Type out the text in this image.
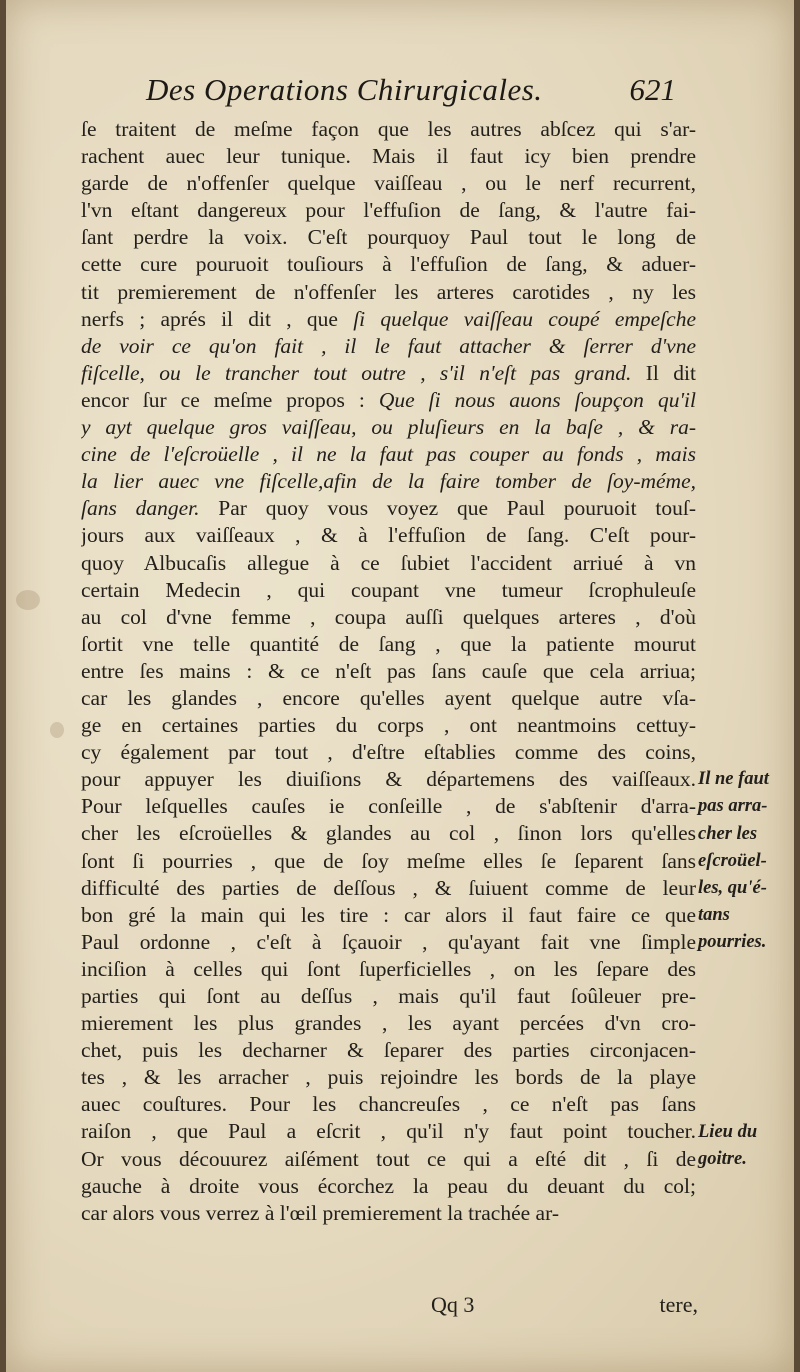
Des Operations Chirurgicales.	621
ſe traitent de meſme façon que les autres abſcez qui s'ar-
rachent auec leur tunique. Mais il faut icy bien prendre
garde de n'offenſer quelque vaiſſeau , ou le nerf recurrent,
l'vn eſtant dangereux pour l'effuſion de ſang, & l'autre fai-
ſant perdre la voix. C'eſt pourquoy Paul tout le long de
cette cure pouruoit touſiours à l'effuſion de ſang, & aduer-
tit premierement de n'offenſer les arteres carotides , ny les
nerfs ; aprés il dit , que ſi quelque vaiſſeau coupé empeſche
de voir ce qu'on fait , il le faut attacher & ſerrer d'vne
fiſcelle, ou le trancher tout outre , s'il n'eſt pas grand. Il dit
encor ſur ce meſme propos : Que ſi nous auons ſoupçon qu'il
y ayt quelque gros vaiſſeau, ou pluſieurs en la baſe , & ra-
cine de l'eſcroüelle , il ne la faut pas couper au fonds , mais
la lier auec vne fiſcelle,afin de la faire tomber de ſoy-méme,
ſans danger. Par quoy vous voyez que Paul pouruoit touſ-
jours aux vaiſſeaux , & à l'effuſion de ſang. C'eſt pour-
quoy Albucaſis allegue à ce ſubiet l'accident arriué à vn
certain Medecin , qui coupant vne tumeur ſcrophuleuſe
au col d'vne femme , coupa auſſi quelques arteres , d'où
ſortit vne telle quantité de ſang , que la patiente mourut
entre ſes mains : & ce n'eſt pas ſans cauſe que cela arriua;
car les glandes , encore qu'elles ayent quelque autre vſa-
ge en certaines parties du corps , ont neantmoins cettuy-
cy également par tout , d'eſtre eſtablies comme des coins,
pour appuyer les diuiſions & départemens des vaiſſeaux.
Pour leſquelles cauſes ie conſeille , de s'abſtenir d'arra-
cher les eſcroüelles & glandes au col , ſinon lors qu'elles
ſont ſi pourries , que de ſoy meſme elles ſe ſeparent ſans
difficulté des parties de deſſous , & ſuiuent comme de leur
bon gré la main qui les tire : car alors il faut faire ce que
Paul ordonne , c'eſt à ſçauoir , qu'ayant fait vne ſimple
inciſion à celles qui ſont ſuperficielles , on les ſepare des
parties qui ſont au deſſus , mais qu'il faut ſoûleuer pre-
mierement les plus grandes , les ayant percées d'vn cro-
chet, puis les decharner & ſeparer des parties circonjacen-
tes , & les arracher , puis rejoindre les bords de la playe
auec couſtures. Pour les chancreuſes , ce n'eſt pas ſans
raiſon , que Paul a eſcrit , qu'il n'y faut point toucher.
Or vous découurez aiſément tout ce qui a eſté dit , ſi de
gauche à droite vous écorchez la peau du deuant du col;
car alors vous verrez à l'œil premierement la trachée ar-
Il ne faut
pas arra-
cher les
eſcroüel-
les, qu'é-
tans
pourries.
Lieu du
goitre.
Qq 3	tere,
